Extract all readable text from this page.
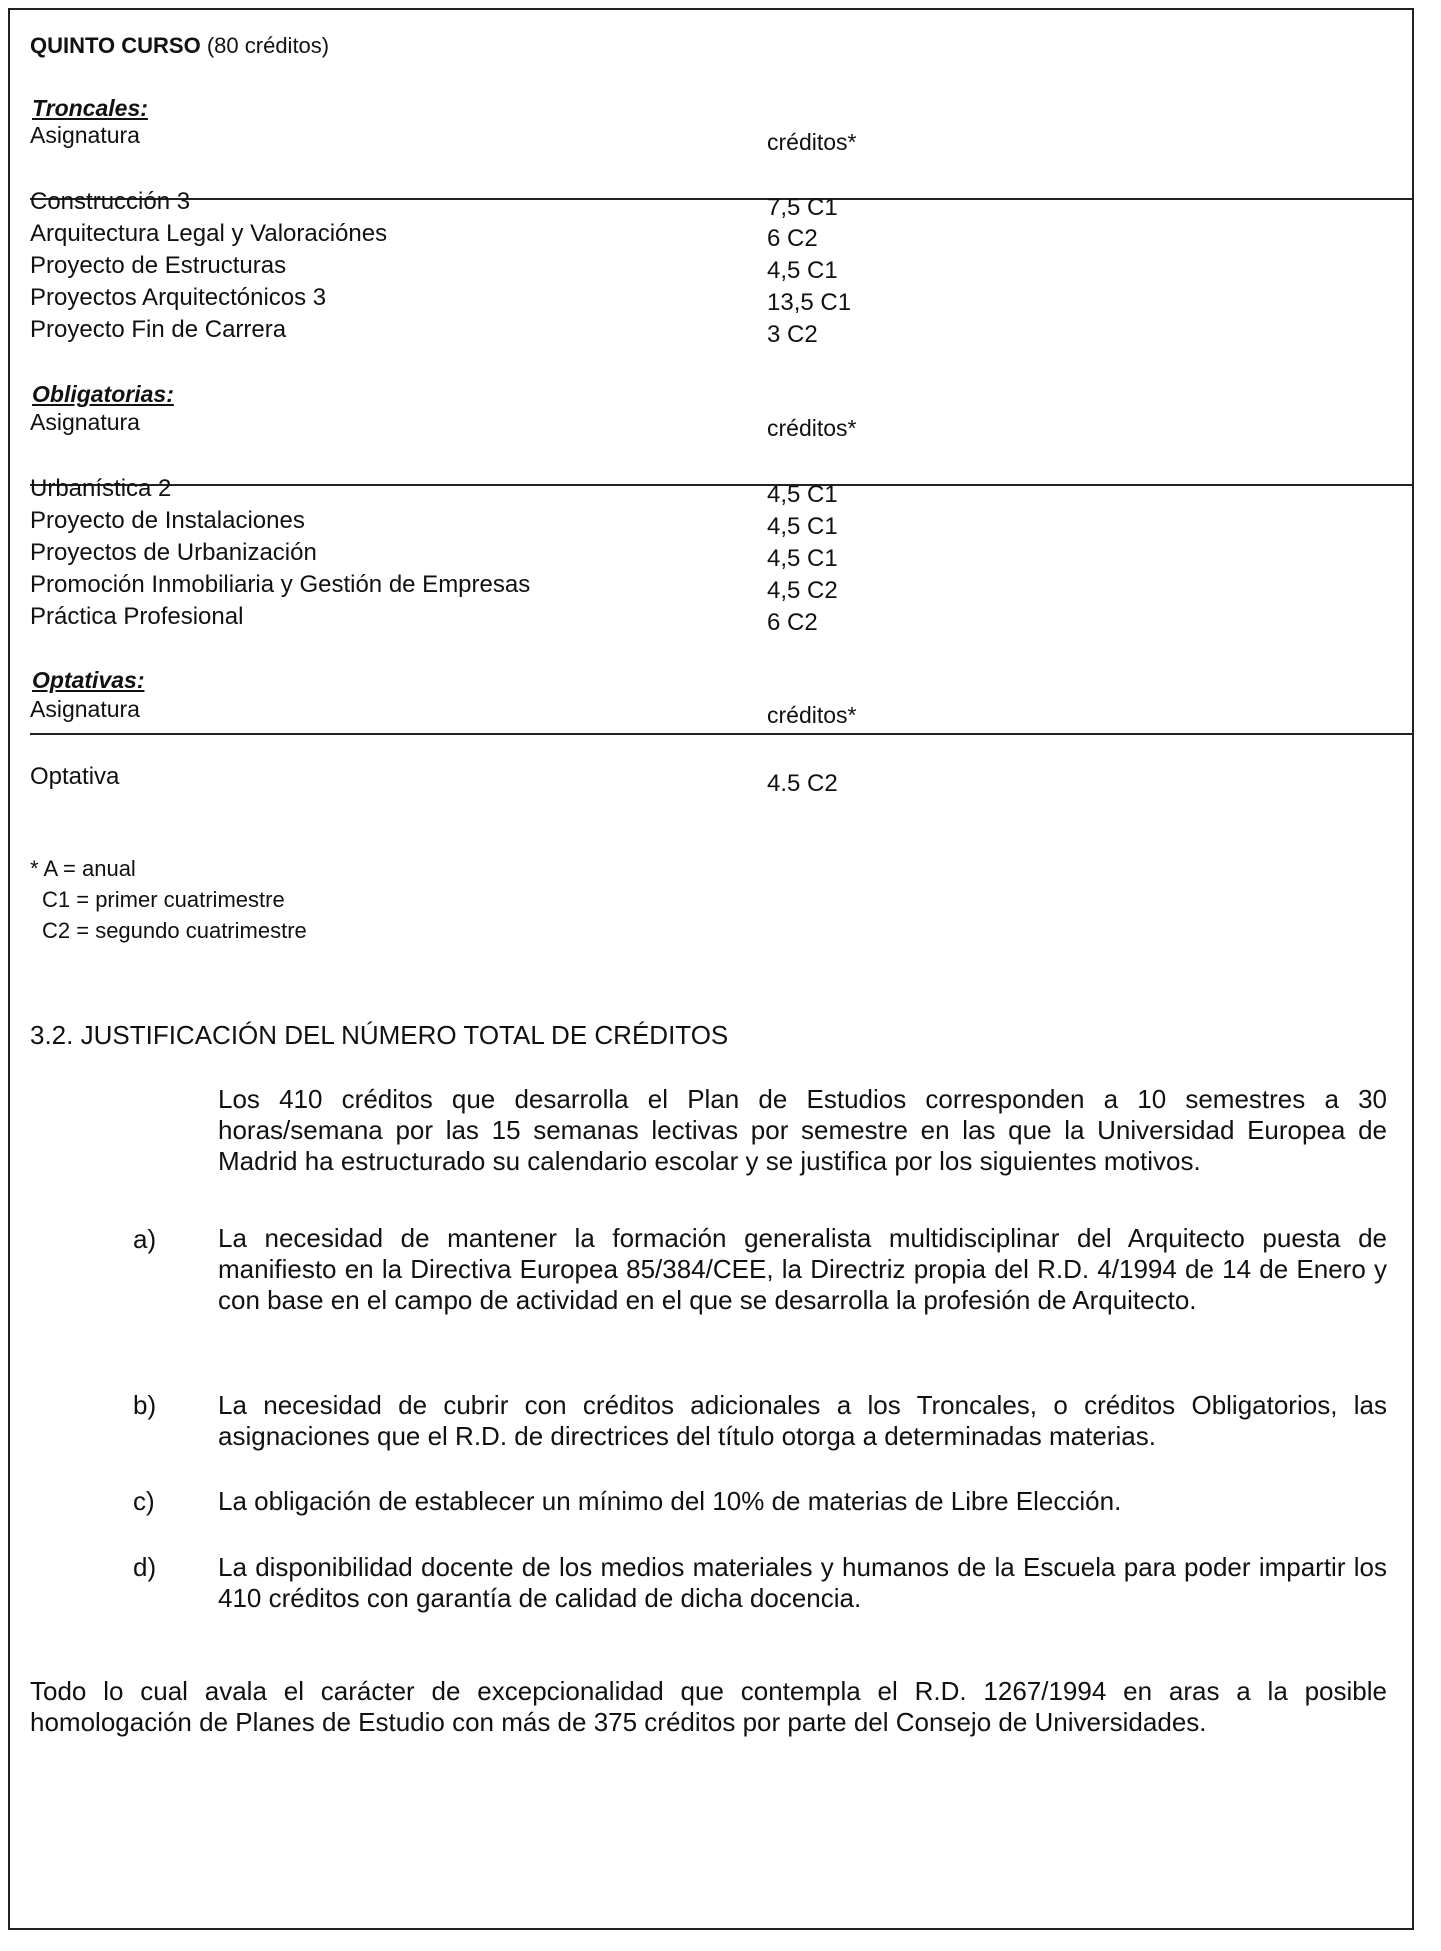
QUINTO CURSO (80 créditos)
Troncales:
Asignatura	créditos*
Construcción 3	7,5 C1
Arquitectura Legal y Valoraciónes	6 C2
Proyecto de Estructuras	4,5 C1
Proyectos Arquitectónicos 3	13,5 C1
Proyecto Fin de Carrera	3 C2
Obligatorias:
Asignatura	créditos*
Urbanística 2	4,5 C1
Proyecto de Instalaciones	4,5 C1
Proyectos de Urbanización	4,5 C1
Promoción Inmobiliaria y Gestión de Empresas	4,5 C2
Práctica Profesional	6 C2
Optativas:
Asignatura	créditos*
Optativa	4.5 C2
* A = anual
C1 = primer cuatrimestre
C2 = segundo cuatrimestre
3.2. JUSTIFICACIÓN DEL NÚMERO TOTAL DE CRÉDITOS
Los 410 créditos que desarrolla el Plan de Estudios corresponden a 10 semestres a 30 horas/semana por las 15 semanas lectivas por semestre en las que la Universidad Europea de Madrid ha estructurado su calendario escolar y se justifica por los siguientes motivos.
a) La necesidad de mantener la formación generalista multidisciplinar del Arquitecto puesta de manifiesto en la Directiva Europea 85/384/CEE, la Directriz propia del R.D. 4/1994 de 14 de Enero y con base en el campo de actividad en el que se desarrolla la profesión de Arquitecto.
b) La necesidad de cubrir con créditos adicionales a los Troncales, o créditos Obligatorios, las asignaciones que el R.D. de directrices del título otorga a determinadas materias.
c) La obligación de establecer un mínimo del 10% de materias de Libre Elección.
d) La disponibilidad docente de los medios materiales y humanos de la Escuela para poder impartir los 410 créditos con garantía de calidad de dicha docencia.
Todo lo cual avala el carácter de excepcionalidad que contempla el R.D. 1267/1994 en aras a la posible homologación de Planes de Estudio con más de 375 créditos por parte del Consejo de Universidades.
